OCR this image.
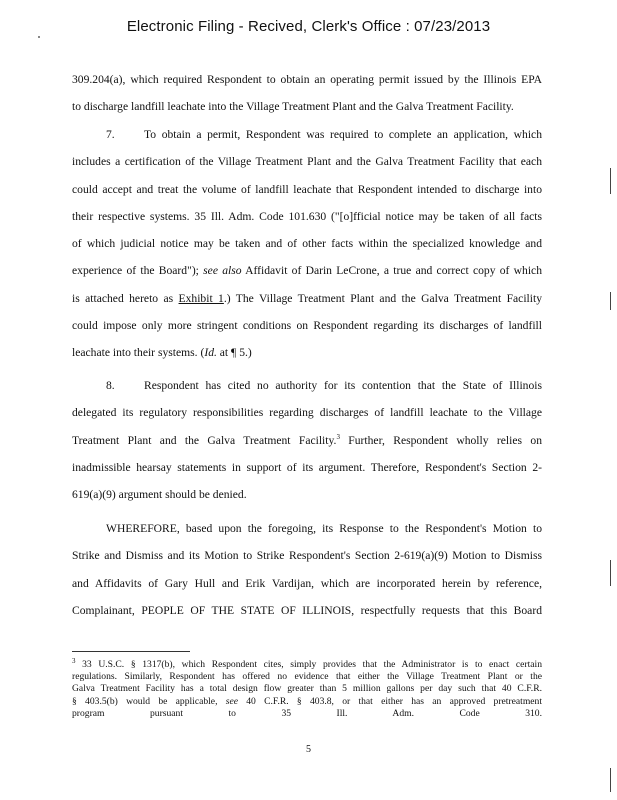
Electronic Filing - Recived, Clerk's Office : 07/23/2013
309.204(a), which required Respondent to obtain an operating permit issued by the Illinois EPA
to discharge landfill leachate into the Village Treatment Plant and the Galva Treatment Facility.
7.	To obtain a permit, Respondent was required to complete an application, which
includes a certification of the Village Treatment Plant and the Galva Treatment Facility that each
could accept and treat the volume of landfill leachate that Respondent intended to discharge into
their respective systems. 35 Ill. Adm. Code 101.630 ("[o]fficial notice may be taken of all facts
of which judicial notice may be taken and of other facts within the specialized knowledge and
experience of the Board"); see also Affidavit of Darin LeCrone, a true and correct copy of which
is attached hereto as Exhibit 1.) The Village Treatment Plant and the Galva Treatment Facility
could impose only more stringent conditions on Respondent regarding its discharges of landfill
leachate into their systems. (Id. at ¶ 5.)
8.	Respondent has cited no authority for its contention that the State of Illinois
delegated its regulatory responsibilities regarding discharges of landfill leachate to the Village
Treatment Plant and the Galva Treatment Facility.$^3$ Further, Respondent wholly relies on
inadmissible hearsay statements in support of its argument. Therefore, Respondent's Section 2-
619(a)(9) argument should be denied.
WHEREFORE, based upon the foregoing, its Response to the Respondent's Motion to
Strike and Dismiss and its Motion to Strike Respondent's Section 2-619(a)(9) Motion to Dismiss
and Affidavits of Gary Hull and Erik Vardijan, which are incorporated herein by reference,
Complainant, PEOPLE OF THE STATE OF ILLINOIS, respectfully requests that this Board
$^3$ 33 U.S.C. § 1317(b), which Respondent cites, simply provides that the Administrator is to enact certain
regulations. Similarly, Respondent has offered no evidence that either the Village Treatment Plant or the
Galva Treatment Facility has a total design flow greater than 5 million gallons per day such that 40 C.F.R.
§ 403.5(b) would be applicable, see 40 C.F.R. § 403.8, or that either has an approved pretreatment
program pursuant to 35 Ill. Adm. Code 310.
5
